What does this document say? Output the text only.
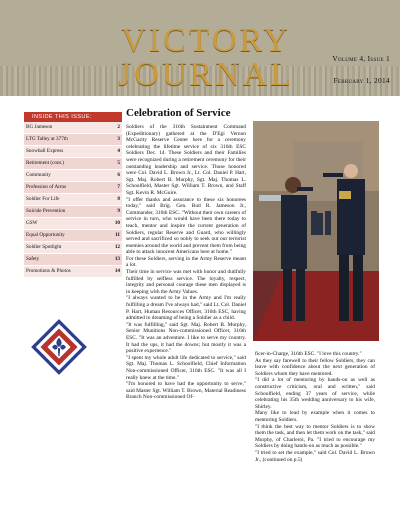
VICTORY
JOURNAL	Volume 4, Issue 1
February 1, 2014
INSIDE THIS ISSUE:
BG Jameson	2
LTG Talley at 377th	3
Snowball Express	4
Retirement (cont.)	5
Community	6
Profession of Arms	7
Soldier For Life	8
Suicide Prevention	9
GSW	10
Equal Opportunity	11
Soldier Spotlight	12
Safety	13
Promotions & Photos	14
Celebration of Service

Soldiers of the 316th Sustainment Command (Expeditionary) gathered at the D'Egi Vernon McGarity Reserve Center here for a ceremony celebrating the lifetime service of six 316th ESC Soldiers Dec. 14. These Soldiers and their Families were recognized during a retirement ceremony for their outstanding leadership and service. Those honored were Col. David L. Brown Jr., Lt. Col. Daniel P. Hart, Sgt. Maj. Robert B. Murphy, Sgt. Maj. Thomas L. Schoolfield, Master Sgt. William T. Brown, and Staff Sgt. Kevin R. McGuire.

"I offer thanks and assurance to these six honorees today," said Brig. Gen. Bud R. Jameson Jr., Commander, 316th ESC. "Without their own careers of service in turn, who would have been there today to teach, mentor and inspire the current generation of Soldiers, regular Reserve and Guard, who willingly served and sacrificed so nobly to seek out our terrorist enemies around the world and prevent them from being able to attack innocent Americans here at home."

For these Soldiers, serving in the Army Reserve meant a lot.

Their time in service was met with honor and dutifully fulfilled by selfless service. The loyalty, respect, integrity and personal courage these men displayed is in keeping with the Army Values.

"I always wanted to be in the Army and I'm really fulfilling a dream I've always had," said Lt. Col. Daniel P. Hart, Human Resources Officer, 316th ESC, having admitted to dreaming of being a Soldier as a child.

"It was fulfilling," said Sgt. Maj. Robert B. Murphy, Senior Munitions Non-commissioned Officer, 316th ESC. "It was an adventure. I like to serve my country. It had the ups, it had the downs; but mostly it was a positive experience."

"I spent my whole adult life dedicated to service," said Sgt. Maj. Thomas L. Schoolfield, Chief Information Non-commissioned Officer, 316th ESC. "It was all I really knew at the time."

"I'm honored to have had the opportunity to serve," said Master Sgt. William T. Brown, Material Readiness Branch Non-commissioned Of-

ficer-in-Charge, 316th ESC. "I love this country."

As they say farewell to their fellow Soldiers, they can leave with confidence about the next generation of Soldiers whom they have mentored.

"I did a lot of mentoring by hands-on as well as constructive criticism, oral and written," said Schoolfield, ending 37 years of service, while celebrating his 35th wedding anniversary to his wife, Shirley.

Many like to lead by example when it comes to mentoring Soldiers.

"I think the best way to mentor Soldiers is to show them the task, and then let them work on the task," said Murphy, of Charleroi, Pa. "I tried to encourage my Soldiers by doing hands-on as much as possible."

"I tried to set the example," said Col. David L. Brown Jr., (continued on p.5)
